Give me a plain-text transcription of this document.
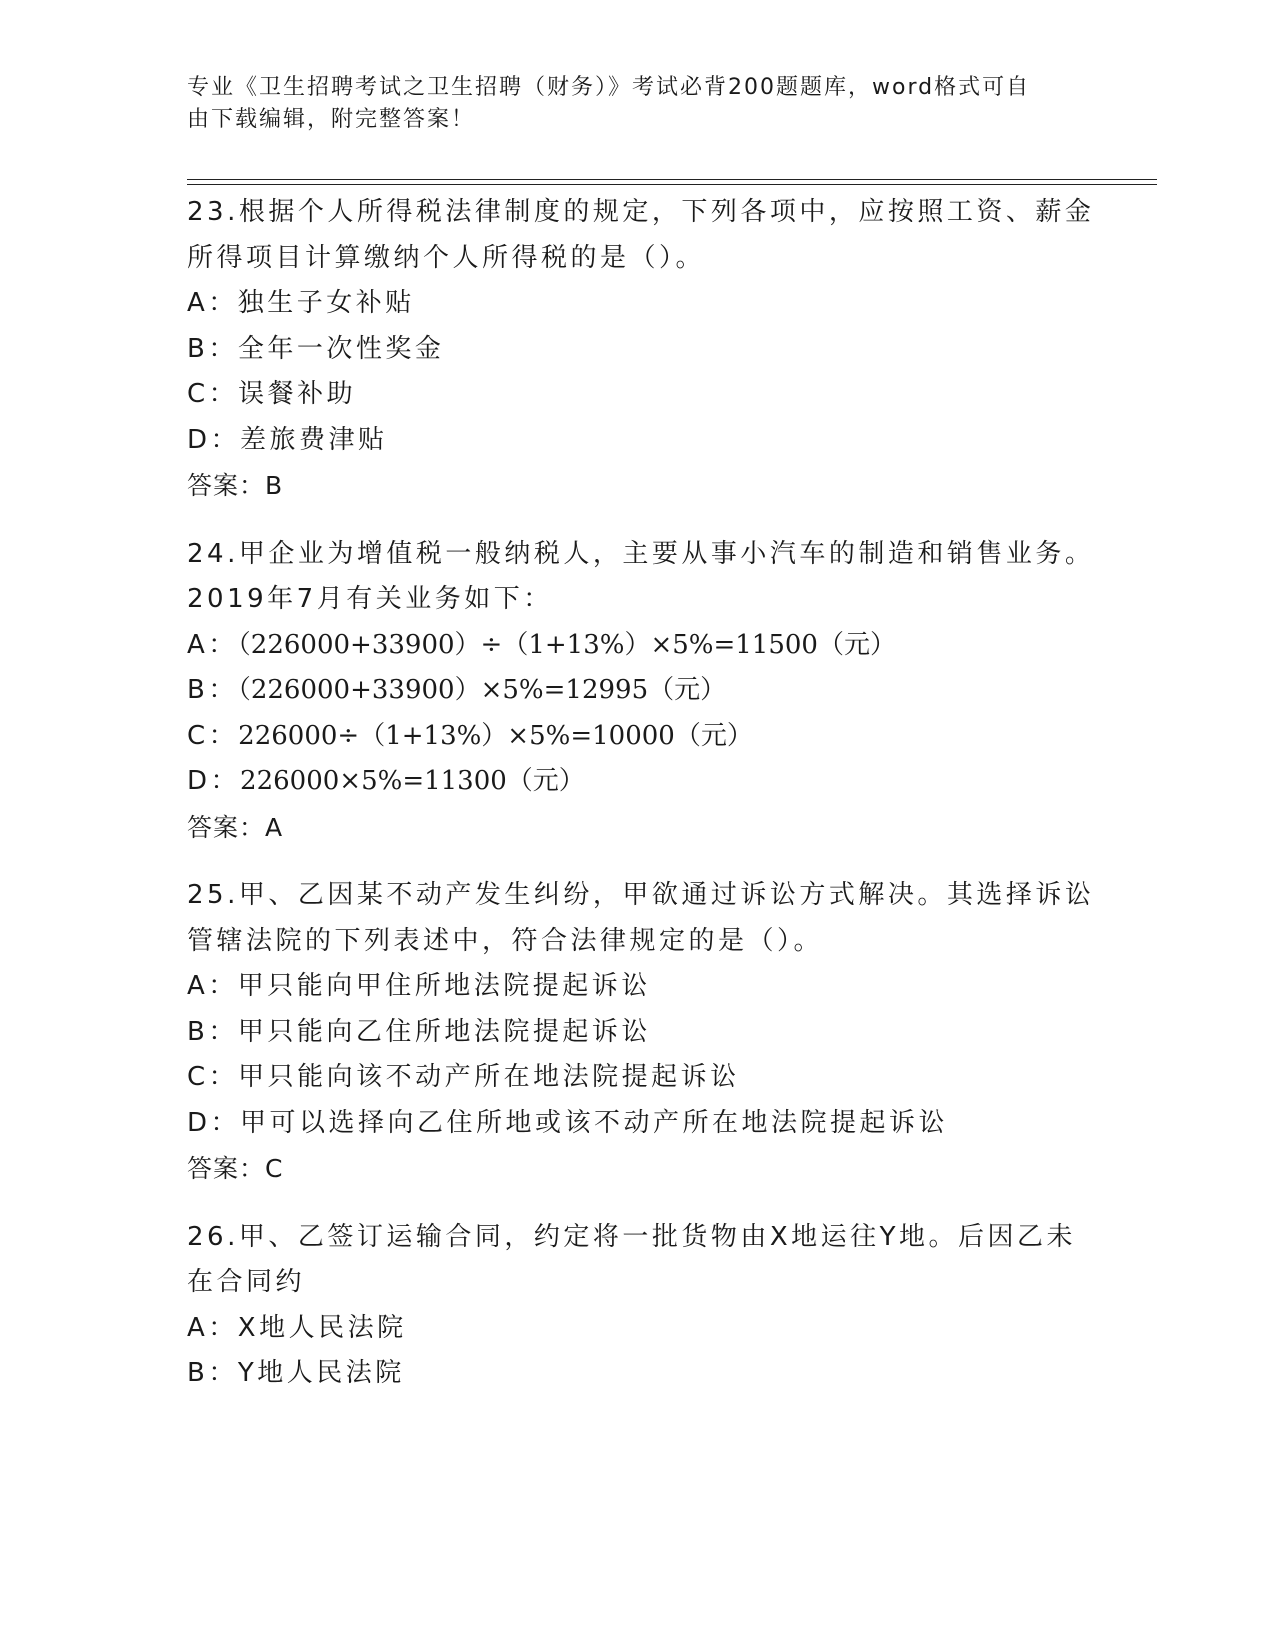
专业《卫生招聘考试之卫生招聘（财务）》考试必背200题题库，word格式可自
由下载编辑，附完整答案！
23.根据个人所得税法律制度的规定，下列各项中，应按照工资、薪金
所得项目计算缴纳个人所得税的是（）。
A：独生子女补贴
B：全年一次性奖金
C：误餐补助
D：差旅费津贴
答案：B
24.甲企业为增值税一般纳税人，主要从事小汽车的制造和销售业务。
2019年7月有关业务如下：
A：（226000+33900）÷（1+13%）×5%=11500（元）
B：（226000+33900）×5%=12995（元）
C：226000÷（1+13%）×5%=10000（元）
D：226000×5%=11300（元）
答案：A
25.甲、乙因某不动产发生纠纷，甲欲通过诉讼方式解决。其选择诉讼
管辖法院的下列表述中，符合法律规定的是（）。
A：甲只能向甲住所地法院提起诉讼
B：甲只能向乙住所地法院提起诉讼
C：甲只能向该不动产所在地法院提起诉讼
D：甲可以选择向乙住所地或该不动产所在地法院提起诉讼
答案：C
26.甲、乙签订运输合同，约定将一批货物由X地运往Y地。后因乙未
在合同约
A：X地人民法院
B：Y地人民法院
